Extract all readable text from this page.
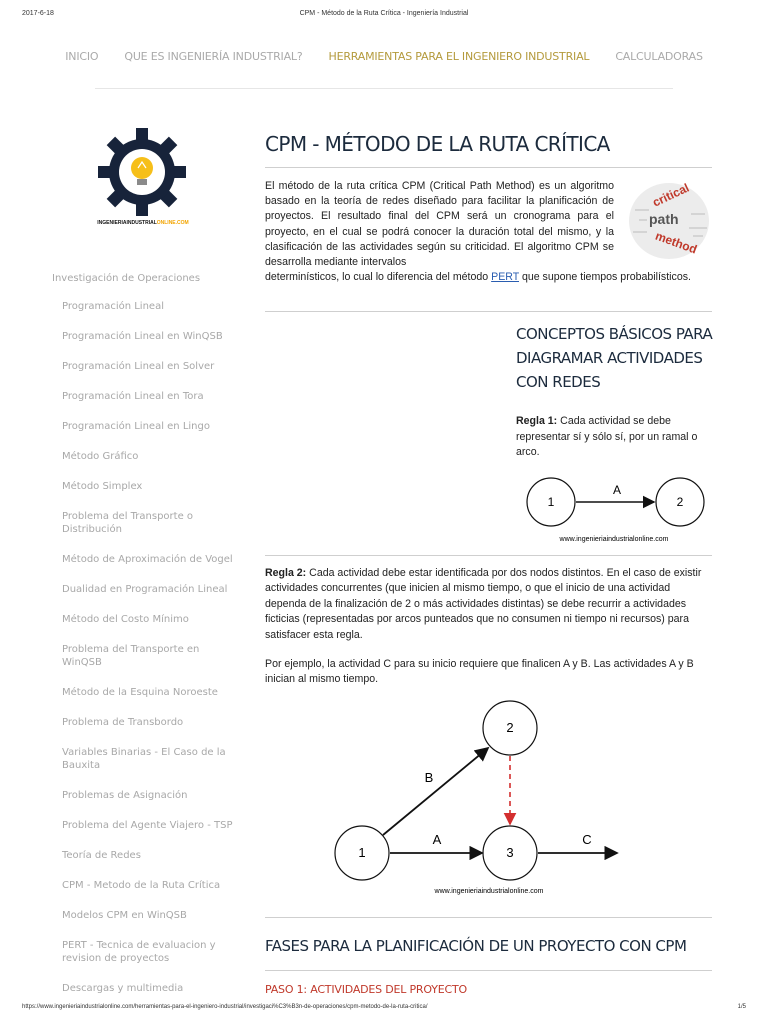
2017-6-18	CPM - Método de la Ruta Crítica - Ingeniería Industrial
INICIO QUE ES INGENIERÍA INDUSTRIAL? HERRAMIENTAS PARA EL INGENIERO INDUSTRIAL CALCULADORAS
INGENIERIAINDUSTRIALONLINE.COM
Investigación de Operaciones
Programación Lineal
Programación Lineal en WinQSB
Programación Lineal en Solver
Programación Lineal en Tora
Programación Lineal en Lingo
Método Gráfico
Método Simplex
Problema del Transporte o Distribución
Método de Aproximación de Vogel
Dualidad en Programación Lineal
Método del Costo Mínimo
Problema del Transporte en WinQSB
Método de la Esquina Noroeste
Problema de Transbordo
Variables Binarias - El Caso de la Bauxita
Problemas de Asignación
Problema del Agente Viajero - TSP
Teoría de Redes
CPM - Metodo de la Ruta Crítica
Modelos CPM en WinQSB
PERT - Tecnica de evaluacion y revision de proyectos
Descargas y multimedia
CPM - MÉTODO DE LA RUTA CRÍTICA
El método de la ruta crítica CPM (Critical Path Method) es un algoritmo basado en la teoría de redes diseñado para facilitar la planificación de proyectos. El resultado final del CPM será un cronograma para el proyecto, en el cual se podrá conocer la duración total del mismo, y la clasificación de las actividades según su criticidad. El algoritmo CPM se desarrolla mediante intervalos
determinísticos, lo cual lo diferencia del método PERT que supone tiempos probabilísticos.
critical
path
method
CONCEPTOS BÁSICOS PARA DIAGRAMAR ACTIVIDADES CON REDES
Regla 1: Cada actividad se debe representar sí y sólo sí, por un ramal o arco.
1	2
A
www.ingenieriaindustrialonline.com
Regla 2: Cada actividad debe estar identificada por dos nodos distintos. En el caso de existir actividades concurrentes (que inicien al mismo tiempo, o que el inicio de una actividad dependa de la finalización de 2 o más actividades distintas) se debe recurrir a actividades ficticias (representadas por arcos punteados que no consumen ni tiempo ni recursos) para satisfacer esta regla.
Por ejemplo, la actividad C para su inicio requiere que finalicen A y B. Las actividades A y B inician al mismo tiempo.
2
1	3
B
A	C
www.ingenieriaindustrialonline.com
FASES PARA LA PLANIFICACIÓN DE UN PROYECTO CON CPM
PASO 1: ACTIVIDADES DEL PROYECTO
https://www.ingenieriaindustrialonline.com/herramientas-para-el-ingeniero-industrial/investigaci%C3%B3n-de-operaciones/cpm-metodo-de-la-ruta-critica/	1/5
